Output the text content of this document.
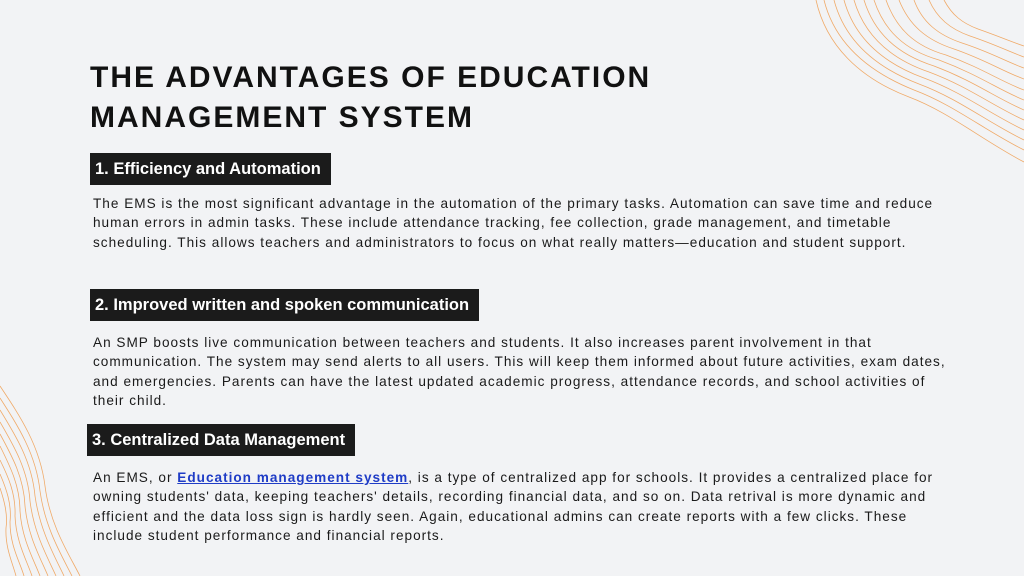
THE ADVANTAGES OF EDUCATION MANAGEMENT SYSTEM
1. Efficiency and Automation

The EMS is the most significant advantage in the automation of the primary tasks. Automation can save time and reduce human errors in admin tasks. These include attendance tracking, fee collection, grade management, and timetable scheduling. This allows teachers and administrators to focus on what really matters—education and student support.

2. Improved written and spoken communication

An SMP boosts live communication between teachers and students. It also increases parent involvement in that communication. The system may send alerts to all users. This will keep them informed about future activities, exam dates, and emergencies. Parents can have the latest updated academic progress, attendance records, and school activities of their child.

3. Centralized Data Management

An EMS, or Education management system, is a type of centralized app for schools. It provides a centralized place for owning students' data, keeping teachers' details, recording financial data, and so on. Data retrival is more dynamic and efficient and the data loss sign is hardly seen. Again, educational admins can create reports with a few clicks. These include student performance and financial reports.
